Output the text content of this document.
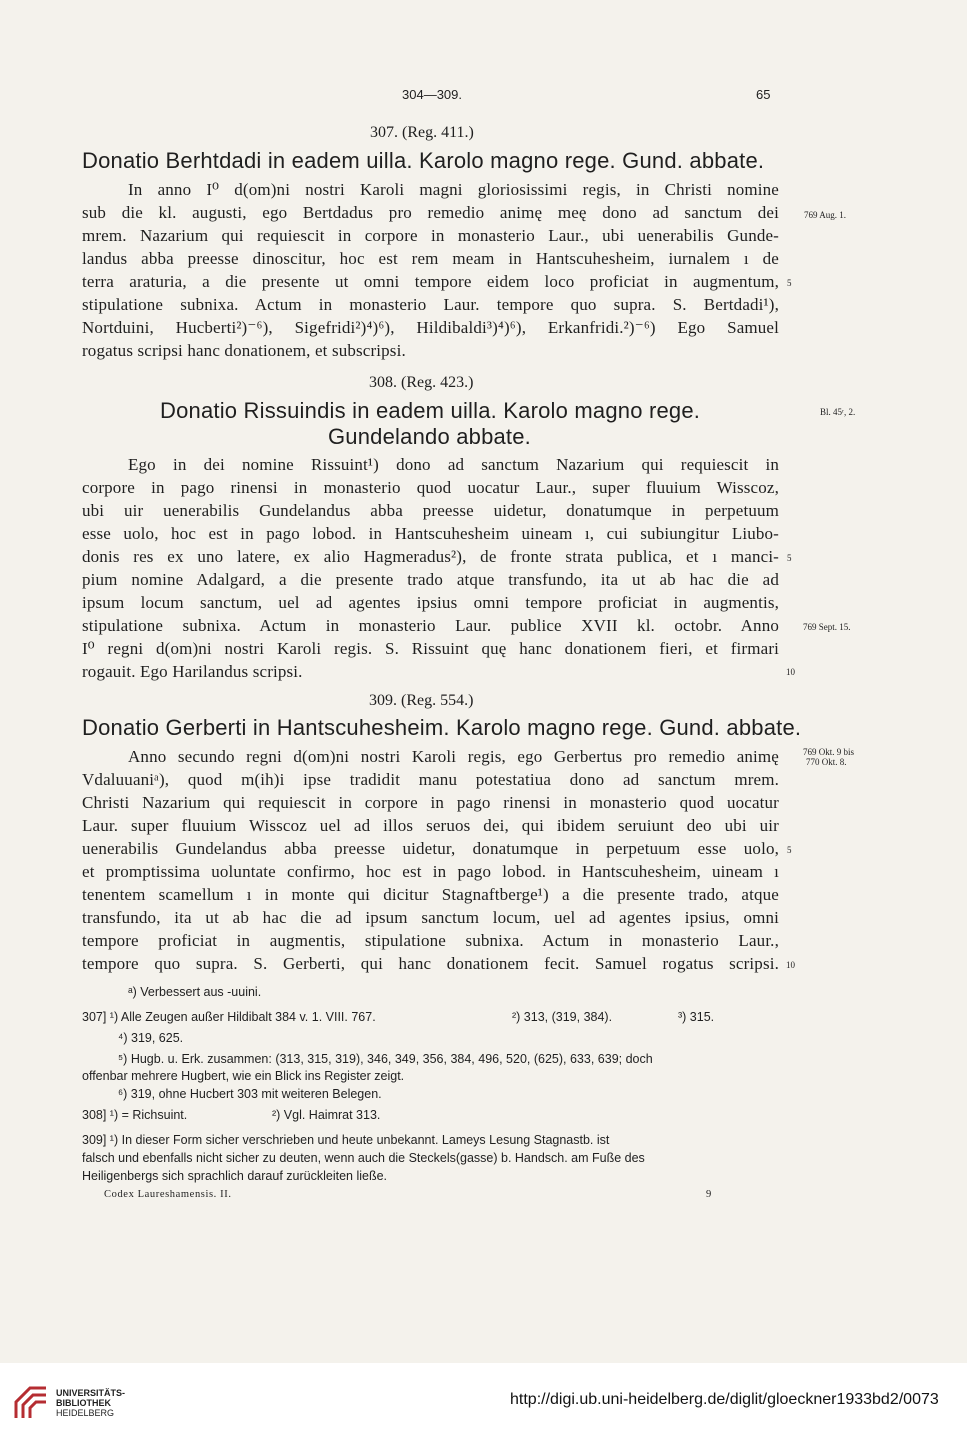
304—309.	65
307. (Reg. 411.)
Donatio Berhtdadi in eadem uilla. Karolo magno rege. Gund. abbate.
In anno I⁰ d(om)ni nostri Karoli magni gloriosissimi regis, in Christi nomine
sub die kl. augusti, ego Bertdadus pro remedio animę meę dono ad sanctum dei
mrem. Nazarium qui requiescit in corpore in monasterio Laur., ubi uenerabilis Gunde-
landus abba preesse dinoscitur, hoc est rem meam in Hantscuhesheim, iurnalem ı de
terra araturia, a die presente ut omni tempore eidem loco proficiat in augmentum,
stipulatione subnixa. Actum in monasterio Laur. tempore quo supra. S. Bertdadi¹),
Nortduini, Hucberti²)⁻⁶), Sigefridi²)⁴)⁶), Hildibaldi³)⁴)⁶), Erkanfridi.²)⁻⁶) Ego Samuel
rogatus scripsi hanc donationem, et subscripsi.
769 Aug. 1.
5
308. (Reg. 423.)
Donatio Rissuindis in eadem uilla. Karolo magno rege.
Gundelando abbate.
Bl. 45ʳ, 2.
Ego in dei nomine Rissuint¹) dono ad sanctum Nazarium qui requiescit in
corpore in pago rinensi in monasterio quod uocatur Laur., super fluuium Wisscoz,
ubi uir uenerabilis Gundelandus abba preesse uidetur, donatumque in perpetuum
esse uolo, hoc est in pago lobod. in Hantscuhesheim uineam ı, cui subiungitur Liubo-
donis res ex uno latere, ex alio Hagmeradus²), de fronte strata publica, et ı manci-
pium nomine Adalgard, a die presente trado atque transfundo, ita ut ab hac die ad
ipsum locum sanctum, uel ad agentes ipsius omni tempore proficiat in augmentis,
stipulatione subnixa. Actum in monasterio Laur. publice XVII kl. octobr. Anno
I⁰ regni d(om)ni nostri Karoli regis. S. Rissuint quę hanc donationem fieri, et firmari
rogauit. Ego Harilandus scripsi.
5
769 Sept. 15.
10
309. (Reg. 554.)
Donatio Gerberti in Hantscuhesheim. Karolo magno rege. Gund. abbate.
Anno secundo regni d(om)ni nostri Karoli regis, ego Gerbertus pro remedio animę
Vdaluuaniᵃ), quod m(ih)i ipse tradidit manu potestatiua dono ad sanctum mrem.
Christi Nazarium qui requiescit in corpore in pago rinensi in monasterio quod uocatur
Laur. super fluuium Wisscoz uel ad illos seruos dei, qui ibidem seruiunt deo ubi uir
uenerabilis Gundelandus abba preesse uidetur, donatumque in perpetuum esse uolo,
et promptissima uoluntate confirmo, hoc est in pago lobod. in Hantscuhesheim, uineam ı
tenentem scamellum ı in monte qui dicitur Stagnaftberge¹) a die presente trado, atque
transfundo, ita ut ab hac die ad ipsum sanctum locum, uel ad agentes ipsius, omni
tempore proficiat in augmentis, stipulatione subnixa. Actum in monasterio Laur.,
tempore quo supra. S. Gerberti, qui hanc donationem fecit. Samuel rogatus scripsi.
769 Okt. 9 bis
770 Okt. 8.
5
10
ᵃ) Verbessert aus -uuini.
307] ¹) Alle Zeugen außer Hildibalt 384 v. 1. VIII. 767.	²) 313, (319, 384).	³) 315.
⁴) 319, 625.
⁵) Hugb. u. Erk. zusammen: (313, 315, 319), 346, 349, 356, 384, 496, 520, (625), 633, 639; doch
offenbar mehrere Hugbert, wie ein Blick ins Register zeigt.
⁶) 319, ohne Hucbert 303 mit weiteren Belegen.
308] ¹) = Richsuint.	²) Vgl. Haimrat 313.
309] ¹) In dieser Form sicher verschrieben und heute unbekannt. Lameys Lesung Stagnastb. ist
falsch und ebenfalls nicht sicher zu deuten, wenn auch die Steckels(gasse) b. Handsch. am Fuße des
Heiligenbergs sich sprachlich darauf zurückleiten ließe.
Codex Laureshamensis. II.	9
UNIVERSITÄTS-
BIBLIOTHEK
HEIDELBERG
http://digi.ub.uni-heidelberg.de/diglit/gloeckner1933bd2/0073
